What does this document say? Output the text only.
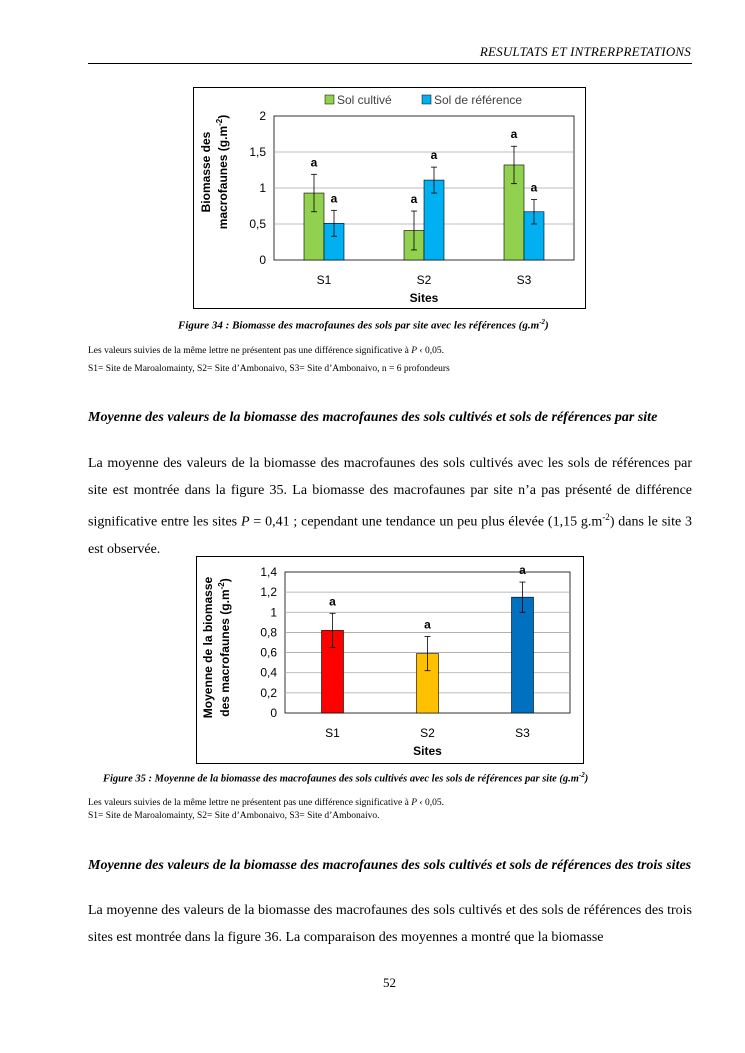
RESULTATS ET INTRERPRETATIONS
0
0,5
1
1,5
2
a
a
S1
a
a
S2
a
a
S3
Sites
Biomasse des macrofaunes $(g.m^{-2})$
Sol cultivé	Sol de référence
Figure 34 : Biomasse des macrofaunes des sols par site avec les références $(g.m^{-2})$
Les valeurs suivies de la même lettre ne présentent pas une différence significative à P ‹ 0,05.
S1= Site de Maroalomainty, S2= Site d’Ambonaivo, S3= Site d’Ambonaivo, n = 6 profondeurs
Moyenne des valeurs de la biomasse des macrofaunes des sols cultivés et sols de références par site
La moyenne des valeurs de la biomasse des macrofaunes des sols cultivés avec les sols de références par site est montrée dans la figure 35. La biomasse des macrofaunes par site n’a pas présenté de différence significative entre les sites P = 0,41 ; cependant une tendance un peu plus élevée (1,15 $g.m^{-2}$) dans le site 3 est observée.
0
0,2
0,4
0,6
0,8
1
1,2
1,4
a
S1
a
S2
a
S3
Sites
Moyenne de la biomasse des macrofaunes $(g.m^{-2})$
Figure 35 : Moyenne de la biomasse des macrofaunes des sols cultivés avec les sols de références par site $(g.m^{-2})$
Les valeurs suivies de la même lettre ne présentent pas une différence significative à P ‹ 0,05.
S1= Site de Maroalomainty, S2= Site d’Ambonaivo, S3= Site d’Ambonaivo.
Moyenne des valeurs de la biomasse des macrofaunes des sols cultivés et sols de références des trois sites
La moyenne des valeurs de la biomasse des macrofaunes des sols cultivés et des sols de références des trois sites est montrée dans la figure 36. La comparaison des moyennes a montré que la biomasse
52
